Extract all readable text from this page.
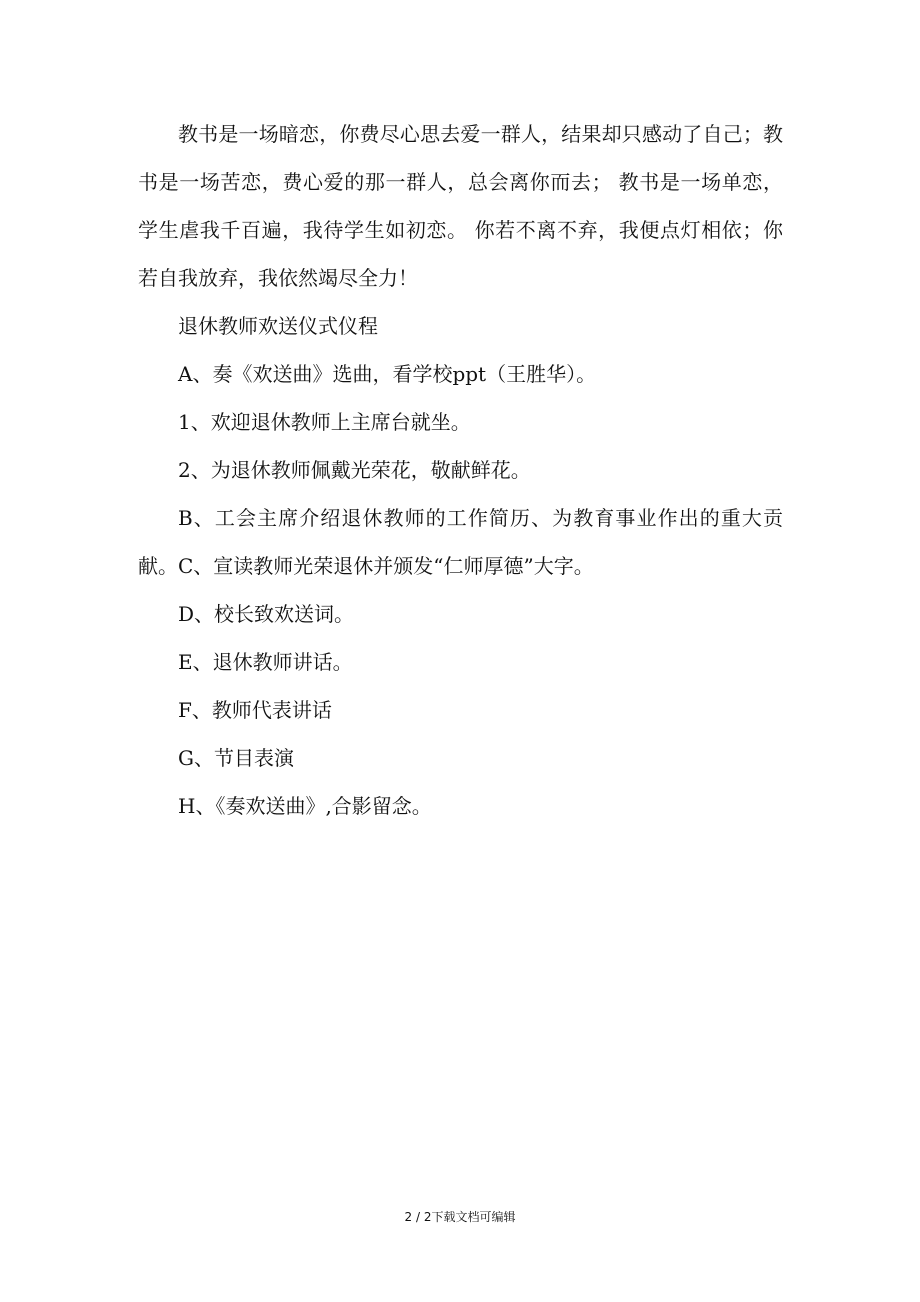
教书是一场暗恋，你费尽心思去爱一群人，结果却只感动了自己；教书是一场苦恋，费心爱的那一群人，总会离你而去； 教书是一场单恋，学生虐我千百遍，我待学生如初恋。 你若不离不弃，我便点灯相依；你若自我放弃，我依然竭尽全力！

退休教师欢送仪式仪程

A、奏《欢送曲》选曲，看学校ppt（王胜华）。

1、欢迎退休教师上主席台就坐。

2、为退休教师佩戴光荣花，敬献鲜花。

B、工会主席介绍退休教师的工作简历、为教育事业作出的重大贡献。C、宣读教师光荣退休并颁发“仁师厚德”大字。

D、校长致欢送词。

E、退休教师讲话。

F、教师代表讲话

G、节目表演

H、《奏欢送曲》,合影留念。

2 / 2下载文档可编辑
